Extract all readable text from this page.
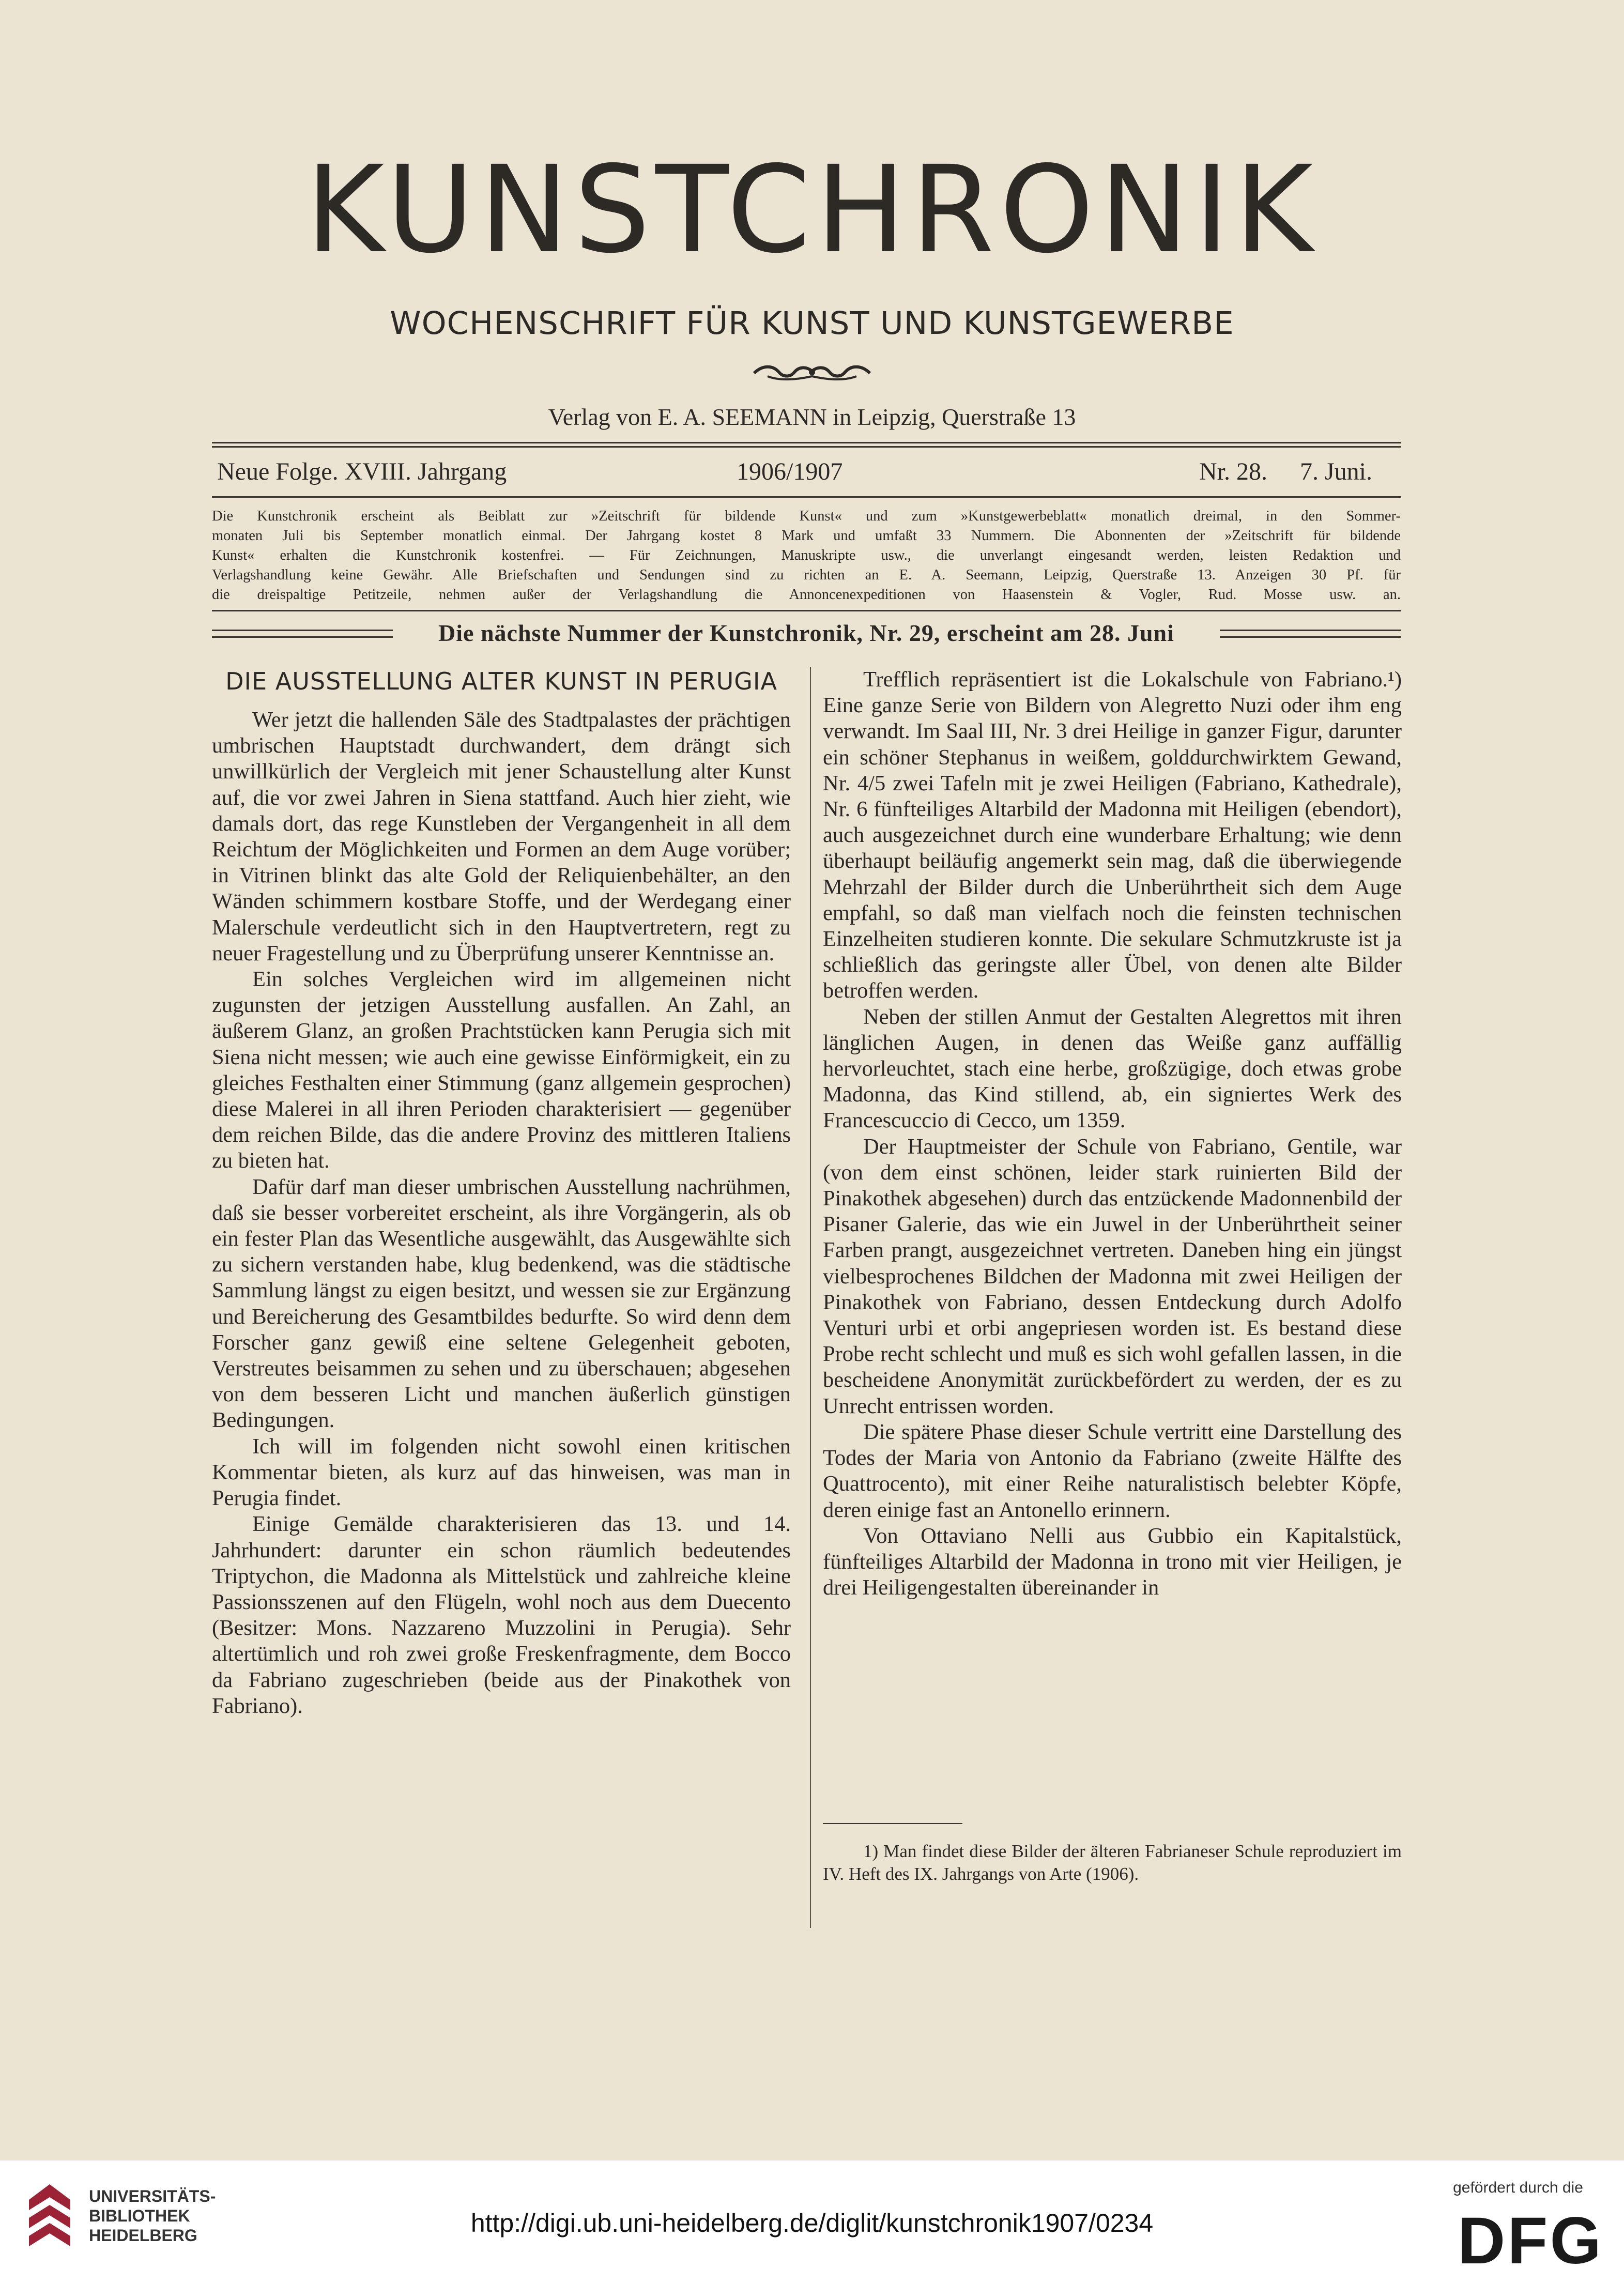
KUNSTCHRONIK
WOCHENSCHRIFT FÜR KUNST UND KUNSTGEWERBE
Verlag von E. A. SEEMANN in Leipzig, Querstraße 13
Neue Folge. XVIII. Jahrgang	1906/1907	Nr. 28. 7. Juni.
Die Kunstchronik erscheint als Beiblatt zur »Zeitschrift für bildende Kunst« und zum »Kunstgewerbeblatt« monatlich dreimal, in den Sommer-
monaten Juli bis September monatlich einmal. Der Jahrgang kostet 8 Mark und umfaßt 33 Nummern. Die Abonnenten der »Zeitschrift für bildende
Kunst« erhalten die Kunstchronik kostenfrei. — Für Zeichnungen, Manuskripte usw., die unverlangt eingesandt werden, leisten Redaktion und
Verlagshandlung keine Gewähr. Alle Briefschaften und Sendungen sind zu richten an E. A. Seemann, Leipzig, Querstraße 13. Anzeigen 30 Pf. für
die dreispaltige Petitzeile, nehmen außer der Verlagshandlung die Annoncenexpeditionen von Haasenstein & Vogler, Rud. Mosse usw. an.
Die nächste Nummer der Kunstchronik, Nr. 29, erscheint am 28. Juni
DIE AUSSTELLUNG ALTER KUNST IN PERUGIA

Wer jetzt die hallenden Säle des Stadtpalastes der prächtigen umbrischen Hauptstadt durchwandert, dem drängt sich unwillkürlich der Vergleich mit jener Schaustellung alter Kunst auf, die vor zwei Jahren in Siena stattfand. Auch hier zieht, wie damals dort, das rege Kunstleben der Vergangenheit in all dem Reichtum der Möglichkeiten und Formen an dem Auge vorüber; in Vitrinen blinkt das alte Gold der Reliquienbehälter, an den Wänden schimmern kostbare Stoffe, und der Werdegang einer Malerschule verdeutlicht sich in den Hauptvertretern, regt zu neuer Fragestellung und zu Überprüfung unserer Kenntnisse an.

Ein solches Vergleichen wird im allgemeinen nicht zugunsten der jetzigen Ausstellung ausfallen. An Zahl, an äußerem Glanz, an großen Prachtstücken kann Perugia sich mit Siena nicht messen; wie auch eine gewisse Einförmigkeit, ein zu gleiches Festhalten einer Stimmung (ganz allgemein gesprochen) diese Malerei in all ihren Perioden charakterisiert — gegenüber dem reichen Bilde, das die andere Provinz des mittleren Italiens zu bieten hat.

Dafür darf man dieser umbrischen Ausstellung nachrühmen, daß sie besser vorbereitet erscheint, als ihre Vorgängerin, als ob ein fester Plan das Wesentliche ausgewählt, das Ausgewählte sich zu sichern verstanden habe, klug bedenkend, was die städtische Sammlung längst zu eigen besitzt, und wessen sie zur Ergänzung und Bereicherung des Gesamtbildes bedurfte. So wird denn dem Forscher ganz gewiß eine seltene Gelegenheit geboten, Verstreutes beisammen zu sehen und zu überschauen; abgesehen von dem besseren Licht und manchen äußerlich günstigen Bedingungen.

Ich will im folgenden nicht sowohl einen kritischen Kommentar bieten, als kurz auf das hinweisen, was man in Perugia findet.

Einige Gemälde charakterisieren das 13. und 14. Jahrhundert: darunter ein schon räumlich bedeutendes Triptychon, die Madonna als Mittelstück und zahlreiche kleine Passionsszenen auf den Flügeln, wohl noch aus dem Duecento (Besitzer: Mons. Nazzareno Muzzolini in Perugia). Sehr altertümlich und roh zwei große Freskenfragmente, dem Bocco da Fabriano zugeschrieben (beide aus der Pinakothek von Fabriano).

Trefflich repräsentiert ist die Lokalschule von Fabriano.¹) Eine ganze Serie von Bildern von Alegretto Nuzi oder ihm eng verwandt. Im Saal III, Nr. 3 drei Heilige in ganzer Figur, darunter ein schöner Stephanus in weißem, golddurchwirktem Gewand, Nr. 4/5 zwei Tafeln mit je zwei Heiligen (Fabriano, Kathedrale), Nr. 6 fünfteiliges Altarbild der Madonna mit Heiligen (ebendort), auch ausgezeichnet durch eine wunderbare Erhaltung; wie denn überhaupt beiläufig angemerkt sein mag, daß die überwiegende Mehrzahl der Bilder durch die Unberührtheit sich dem Auge empfahl, so daß man vielfach noch die feinsten technischen Einzelheiten studieren konnte. Die sekulare Schmutzkruste ist ja schließlich das geringste aller Übel, von denen alte Bilder betroffen werden.

Neben der stillen Anmut der Gestalten Alegrettos mit ihren länglichen Augen, in denen das Weiße ganz auffällig hervorleuchtet, stach eine herbe, großzügige, doch etwas grobe Madonna, das Kind stillend, ab, ein signiertes Werk des Francescuccio di Cecco, um 1359.

Der Hauptmeister der Schule von Fabriano, Gentile, war (von dem einst schönen, leider stark ruinierten Bild der Pinakothek abgesehen) durch das entzückende Madonnenbild der Pisaner Galerie, das wie ein Juwel in der Unberührtheit seiner Farben prangt, ausgezeichnet vertreten. Daneben hing ein jüngst vielbesprochenes Bildchen der Madonna mit zwei Heiligen der Pinakothek von Fabriano, dessen Entdeckung durch Adolfo Venturi urbi et orbi angepriesen worden ist. Es bestand diese Probe recht schlecht und muß es sich wohl gefallen lassen, in die bescheidene Anonymität zurückbefördert zu werden, der es zu Unrecht entrissen worden.

Die spätere Phase dieser Schule vertritt eine Darstellung des Todes der Maria von Antonio da Fabriano (zweite Hälfte des Quattrocento), mit einer Reihe naturalistisch belebter Köpfe, deren einige fast an Antonello erinnern.

Von Ottaviano Nelli aus Gubbio ein Kapitalstück, fünfteiliges Altarbild der Madonna in trono mit vier Heiligen, je drei Heiligengestalten übereinander in

1) Man findet diese Bilder der älteren Fabrianeser Schule reproduziert im IV. Heft des IX. Jahrgangs von Arte (1906).

UNIVERSITÄTS-
BIBLIOTHEK
HEIDELBERG	http://digi.ub.uni-heidelberg.de/diglit/kunstchronik1907/0234
gefördert durch die
DFG
